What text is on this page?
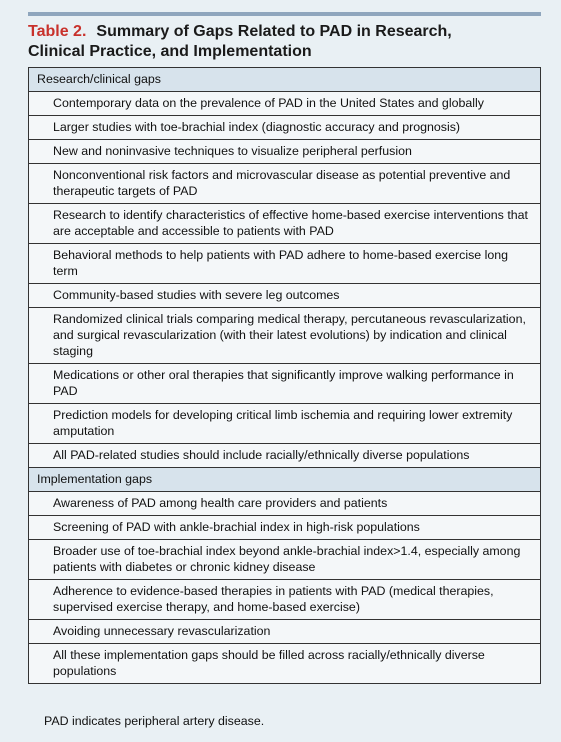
Table 2. Summary of Gaps Related to PAD in Research,
Clinical Practice, and Implementation
Research/clinical gaps
Contemporary data on the prevalence of PAD in the United States and globally
Larger studies with toe-brachial index (diagnostic accuracy and prognosis)
New and noninvasive techniques to visualize peripheral perfusion
Nonconventional risk factors and microvascular disease as potential preventive and therapeutic targets of PAD
Research to identify characteristics of effective home-based exercise interventions that are acceptable and accessible to patients with PAD
Behavioral methods to help patients with PAD adhere to home-based exercise long term
Community-based studies with severe leg outcomes
Randomized clinical trials comparing medical therapy, percutaneous revascularization, and surgical revascularization (with their latest evolutions) by indication and clinical staging
Medications or other oral therapies that significantly improve walking performance in PAD
Prediction models for developing critical limb ischemia and requiring lower extremity amputation
All PAD-related studies should include racially/ethnically diverse populations
Implementation gaps
Awareness of PAD among health care providers and patients
Screening of PAD with ankle-brachial index in high-risk populations
Broader use of toe-brachial index beyond ankle-brachial index>1.4, especially among patients with diabetes or chronic kidney disease
Adherence to evidence-based therapies in patients with PAD (medical therapies, supervised exercise therapy, and home-based exercise)
Avoiding unnecessary revascularization
All these implementation gaps should be filled across racially/ethnically diverse populations
PAD indicates peripheral artery disease.
